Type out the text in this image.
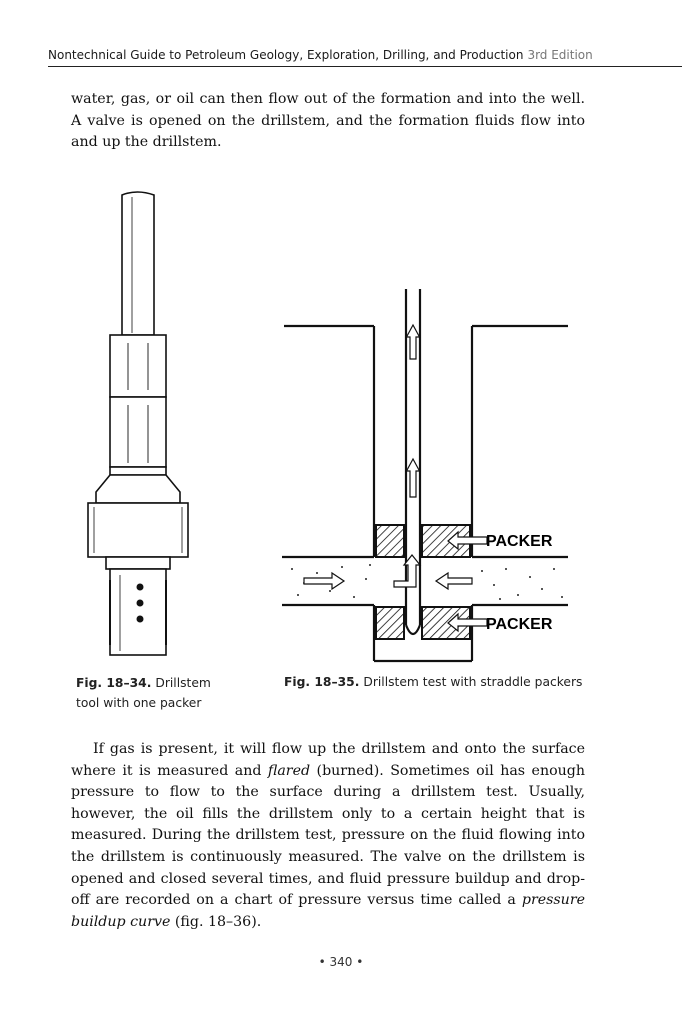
Nontechnical Guide to Petroleum Geology, Exploration, Drilling, and Production 3rd Edition

water, gas, or oil can then flow out of the formation and into the well. A valve is opened on the drillstem, and the formation fluids flow into and up the drillstem.

PACKER
PACKER
Fig. 18–34. Drillstem tool with one packer
Fig. 18–35. Drillstem test with straddle packers

If gas is present, it will flow up the drillstem and onto the surface where it is measured and flared (burned). Sometimes oil has enough pressure to flow to the surface during a drillstem test. Usually, however, the oil fills the drillstem only to a certain height that is measured. During the drillstem test, pressure on the fluid flowing into the drillstem is continuously measured. The valve on the drillstem is opened and closed several times, and fluid pressure buildup and drop-off are recorded on a chart of pressure versus time called a pressure buildup curve (fig. 18–36).

• 340 •
